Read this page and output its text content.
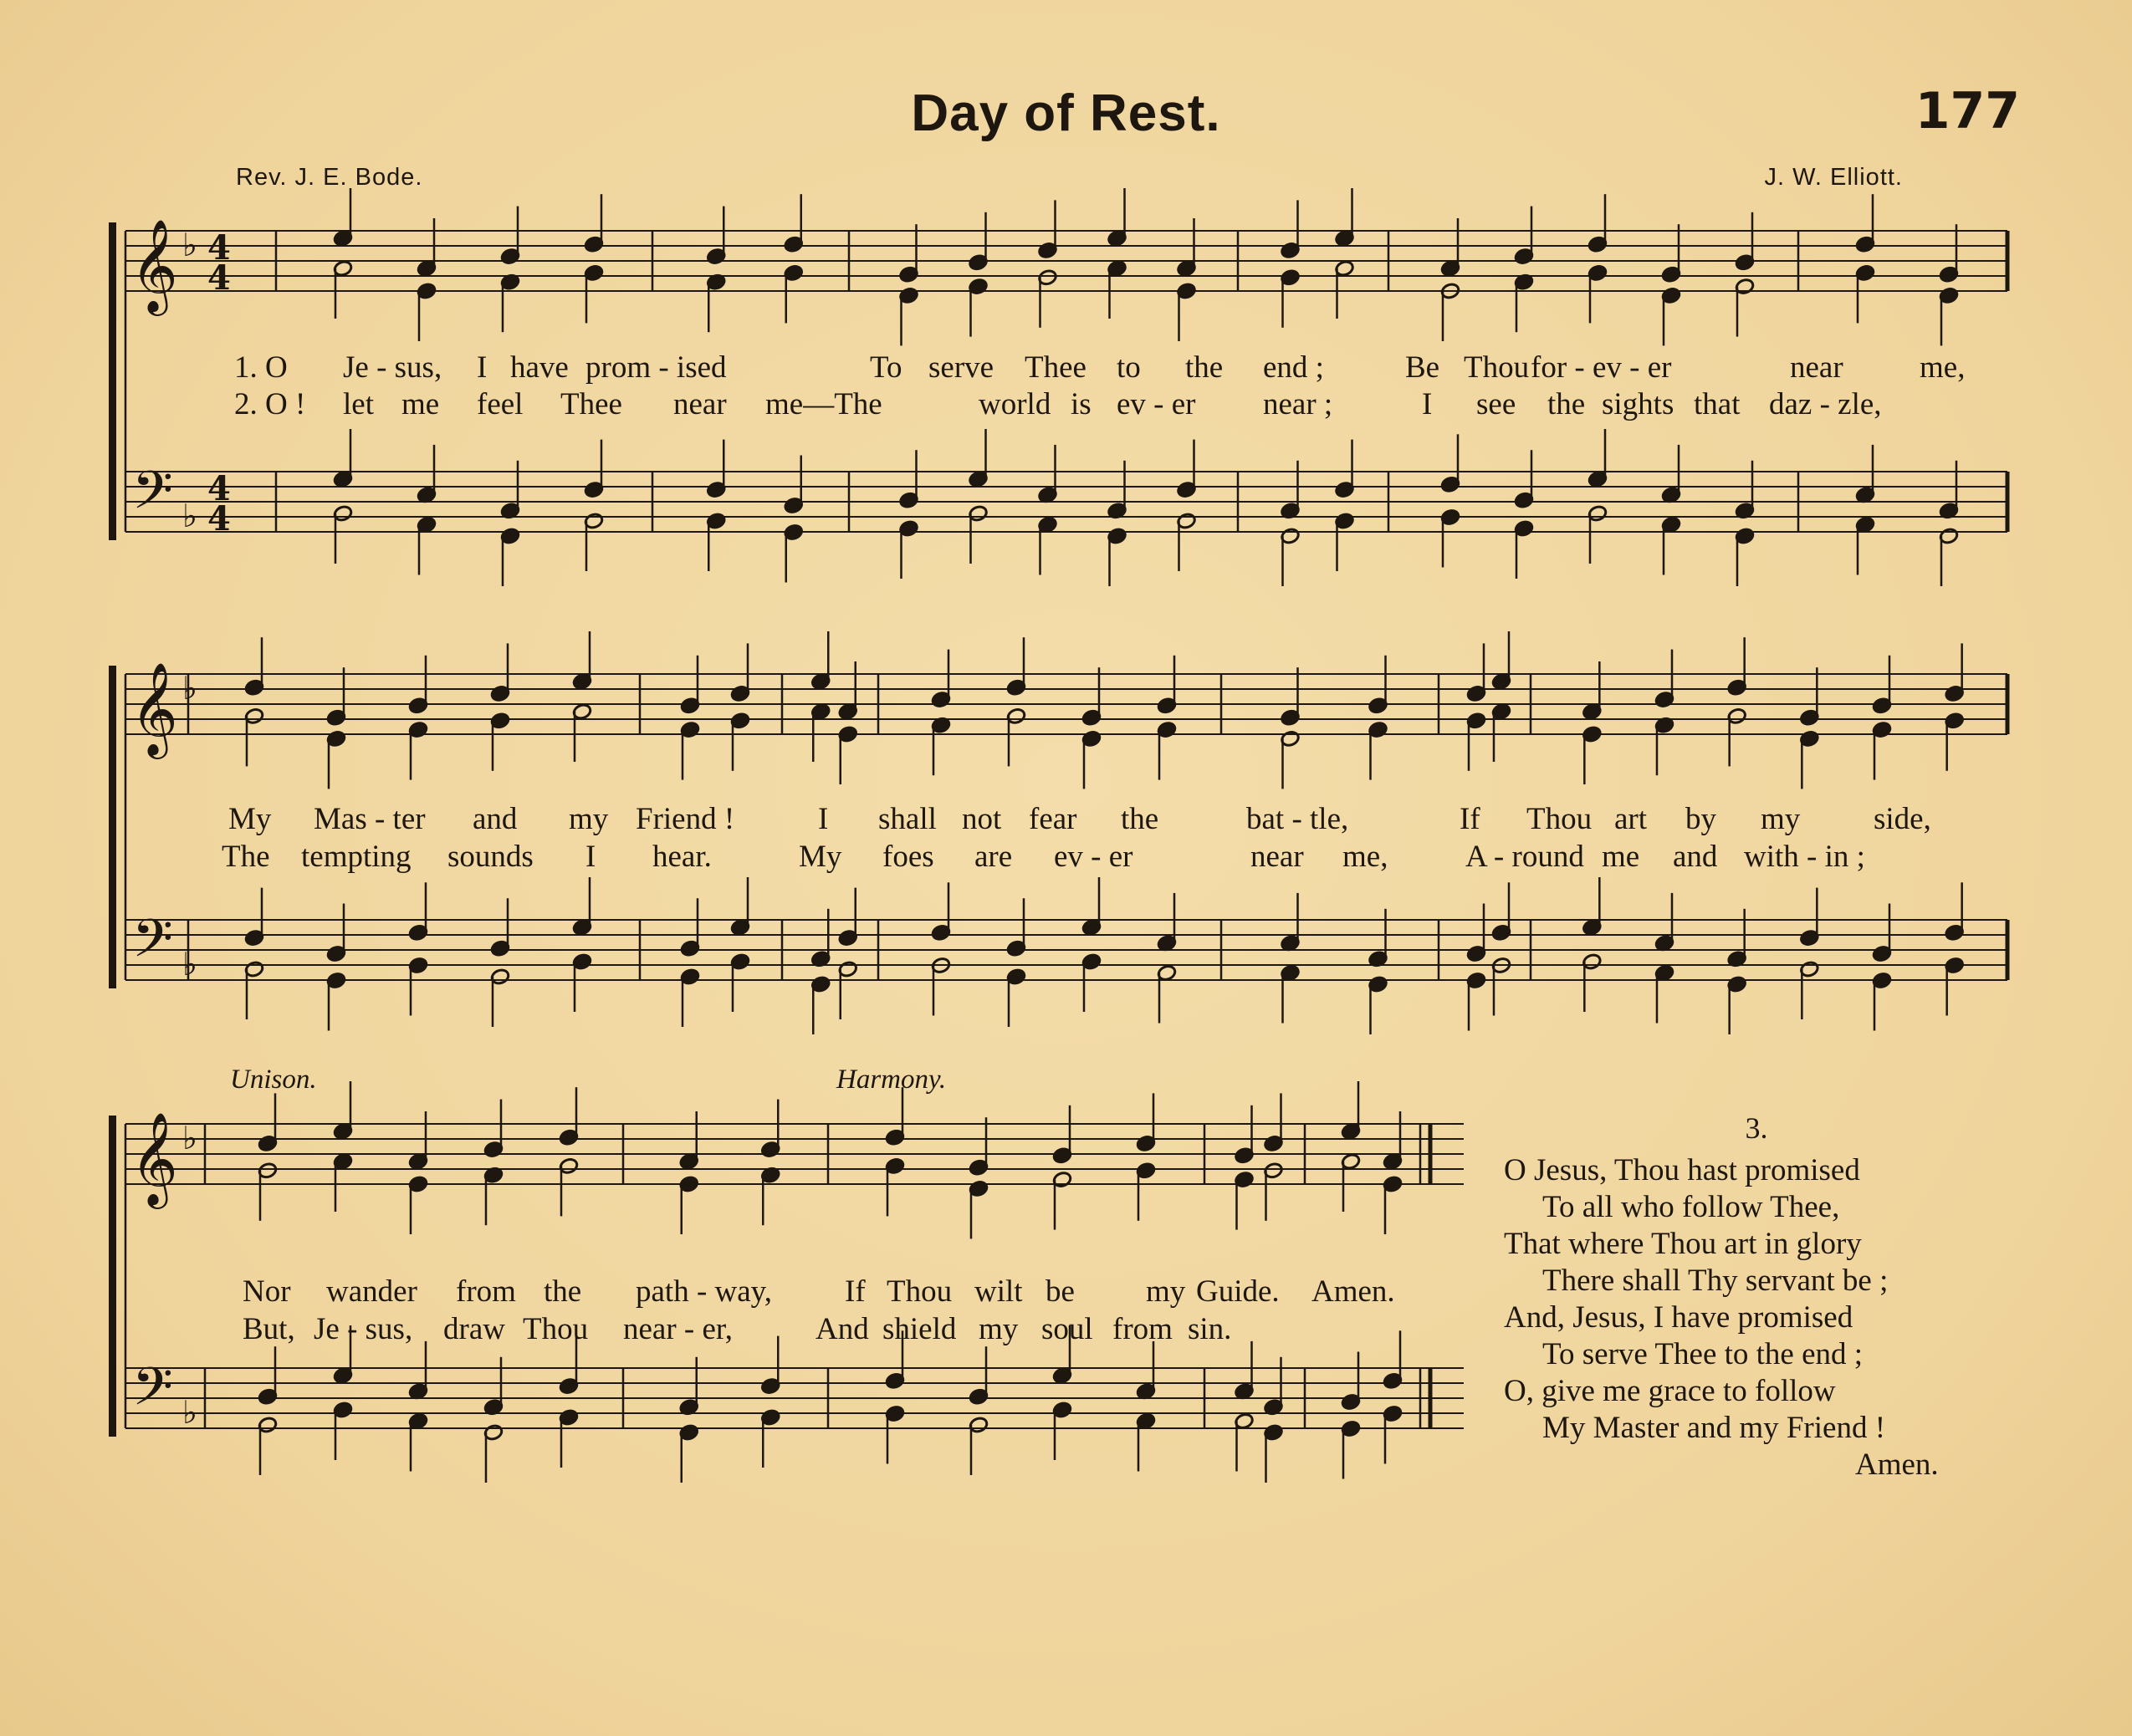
Day of Rest.	177
Rev. J. E. Bode.	J. W. Elliott.
Unison.	Harmony.
𝄞
𝄢
♭
♭
4
4
4
4
𝄞
𝄢
♭
♭
𝄞
𝄢
♭
♭
1. O Je - sus, I have prom - ised	To serve Thee to the end ;	Be Thou for - ev - er	near me,
2. O ! let me feel Thee near me—The	world is ev - er near ;	I see the sights that daz - zle,
My Mas - ter and my Friend !	I shall not fear the	bat - tle,	If Thou art by my side,
The tempting sounds I hear.	My foes are ev - er	near me,	A - round me and with - in ;
Nor wander from the path - way, If Thou wilt be my Guide. Amen.
But, Je - sus, draw Thou near - er,	And shield my soul from sin.
3.
O Jesus, Thou hast promised
To all who follow Thee,
That where Thou art in glory
There shall Thy servant be ;
And, Jesus, I have promised
To serve Thee to the end ;
O, give me grace to follow
My Master and my Friend !
Amen.
